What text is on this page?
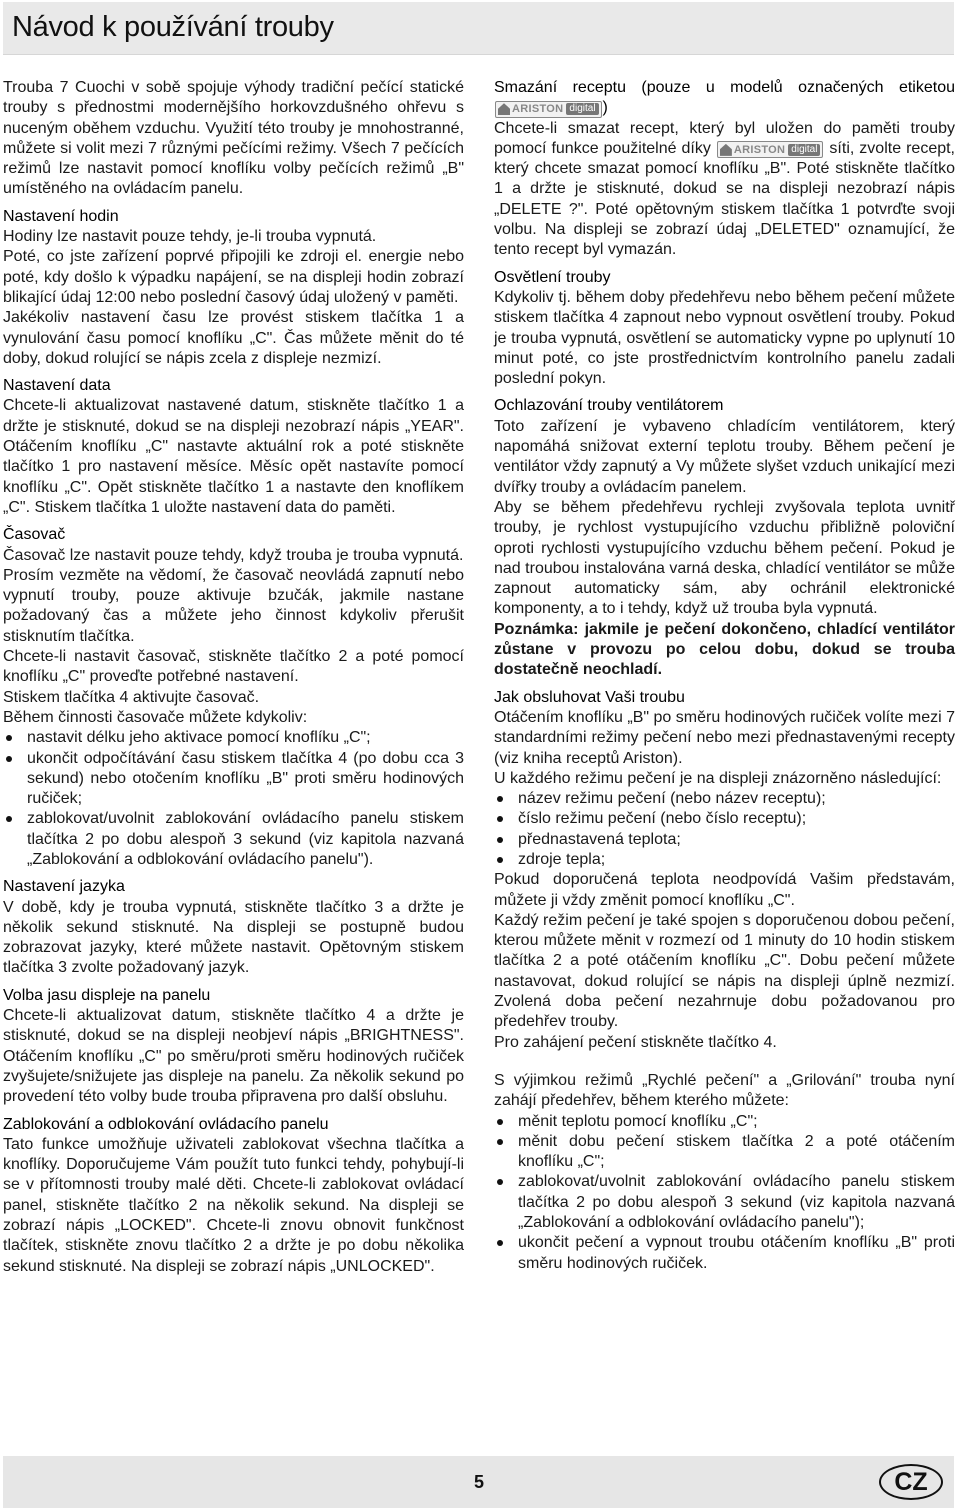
Návod k používání trouby

Trouba 7 Cuochi v sobě spojuje výhody tradiční pečící statické trouby s přednostmi modernějšího horkovzdušného ohřevu s nuceným oběhem vzduchu. Využití této trouby je mnohostranné, můžete si volit mezi 7 různými pečícími režimy. Všech 7 pečících režimů lze nastavit pomocí knoflíku volby pečících režimů „B" umístěného na ovládacím panelu.

Nastavení hodin

Hodiny lze nastavit pouze tehdy, je-li trouba vypnutá.

Poté, co jste zařízení poprvé připojili ke zdroji el. energie nebo poté, kdy došlo k výpadku napájení, se na displeji hodin zobrazí blikající údaj 12:00 nebo poslední časový údaj uložený v paměti.

Jakékoliv nastavení času lze provést stiskem tlačítka 1 a vynulování času pomocí knoflíku „C". Čas můžete měnit do té doby, dokud rolující se nápis zcela z displeje nezmizí.

Nastavení data

Chcete-li aktualizovat nastavené datum, stiskněte tlačítko 1 a držte je stisknuté, dokud se na displeji nezobrazí nápis „YEAR". Otáčením knoflíku „C" nastavte aktuální rok a poté stiskněte tlačítko 1 pro nastavení měsíce. Měsíc opět nastavíte pomocí knoflíku „C". Opět stiskněte tlačítko 1 a nastavte den knoflíkem „C". Stiskem tlačítka 1 uložte nastavení data do paměti.

Časovač

Časovač lze nastavit pouze tehdy, když trouba je trouba vypnutá.

Prosím vezměte na vědomí, že časovač neovládá zapnutí nebo vypnutí trouby, pouze aktivuje bzučák, jakmile nastane požadovaný čas a můžete jeho činnost kdykoliv přerušit stisknutím tlačítka.

Chcete-li nastavit časovač, stiskněte tlačítko 2 a poté pomocí knoflíku „C" proveďte potřebné nastavení.

Stiskem tlačítka 4 aktivujte časovač.

Během činnosti časovače můžete kdykoliv:

nastavit délku jeho aktivace pomocí knoflíku „C";
ukončit odpočítávání času stiskem tlačítka 4 (po dobu cca 3 sekund) nebo otočením knoflíku „B" proti směru hodinových ručiček;
zablokovat/uvolnit zablokování ovládacího panelu stiskem tlačítka 2 po dobu alespoň 3 sekund (viz kapitola nazvaná „Zablokování a odblokování ovládacího panelu").
Nastavení jazyka

V době, kdy je trouba vypnutá, stiskněte tlačítko 3 a držte je několik sekund stisknuté. Na displeji se postupně budou zobrazovat jazyky, které můžete nastavit. Opětovným stiskem tlačítka 3 zvolte požadovaný jazyk.

Volba jasu displeje na panelu

Chcete-li aktualizovat datum, stiskněte tlačítko 4 a držte je stisknuté, dokud se na displeji neobjeví nápis „BRIGHTNESS". Otáčením knoflíku „C" po směru/proti směru hodinových ručiček zvyšujete/snižujete jas displeje na panelu. Za několik sekund po provedení této volby bude trouba připravena pro další obsluhu.

Zablokování a odblokování ovládacího panelu

Tato funkce umožňuje uživateli zablokovat všechna tlačítka a knoflíky. Doporučujeme Vám použít tuto funkci tehdy, pohybují-li se v přítomnosti trouby malé děti. Chcete-li zablokovat ovládací panel, stiskněte tlačítko 2 na několik sekund. Na displeji se zobrazí nápis „LOCKED". Chcete-li znovu obnovit funkčnost tlačítek, stiskněte znovu tlačítko 2 a držte je po dobu několika sekund stisknuté. Na displeji se zobrazí nápis „UNLOCKED".

Smazání receptu (pouze u modelů označených etiketou
ARISTON digital )

Chcete-li smazat recept, který byl uložen do paměti trouby pomocí funkce použitelné díky ARISTON digital síti, zvolte recept, který chcete smazat pomocí knoflíku „B". Poté stiskněte tlačítko 1 a držte je stisknuté, dokud se na displeji nezobrazí nápis „DELETE ?". Poté opětovným stiskem tlačítka 1 potvrďte svoji volbu. Na displeji se zobrazí údaj „DELETED" oznamující, že tento recept byl vymazán.

Osvětlení trouby

Kdykoliv tj. během doby předehřevu nebo během pečení můžete stiskem tlačítka 4 zapnout nebo vypnout osvětlení trouby. Pokud je trouba vypnutá, osvětlení se automaticky vypne po uplynutí 10 minut poté, co jste prostřednictvím kontrolního panelu zadali poslední pokyn.

Ochlazování trouby ventilátorem

Toto zařízení je vybaveno chladícím ventilátorem, který napomáhá snižovat externí teplotu trouby. Během pečení je ventilátor vždy zapnutý a Vy můžete slyšet vzduch unikající mezi dvířky trouby a ovládacím panelem.

Aby se během předehřevu rychleji zvyšovala teplota uvnitř trouby, je rychlost vystupujícího vzduchu přibližně poloviční oproti rychlosti vystupujícího vzduchu během pečení. Pokud je nad troubou instalována varná deska, chladící ventilátor se může zapnout automaticky sám, aby ochránil elektronické komponenty, a to i tehdy, když už trouba byla vypnutá.

Poznámka: jakmile je pečení dokončeno, chladící ventilátor zůstane v provozu po celou dobu, dokud se trouba dostatečně neochladí.

Jak obsluhovat Vaši troubu

Otáčením knoflíku „B" po směru hodinových ručiček volíte mezi 7 standardními režimy pečení nebo mezi přednastavenými recepty (viz kniha receptů Ariston).

U každého režimu pečení je na displeji znázorněno následující:

název režimu pečení (nebo název receptu);
číslo režimu pečení (nebo číslo receptu);
přednastavená teplota;
zdroje tepla;

Pokud doporučená teplota neodpovídá Vašim představám, můžete ji vždy změnit pomocí knoflíku „C".

Každý režim pečení je také spojen s doporučenou dobou pečení, kterou můžete měnit v rozmezí od 1 minuty do 10 hodin stiskem tlačítka 2 a poté otáčením knoflíku „C". Dobu pečení můžete nastavovat, dokud rolující se nápis na displeji úplně nezmizí. Zvolená doba pečení nezahrnuje dobu požadovanou pro předehřev trouby.

Pro zahájení pečení stiskněte tlačítko 4.

S výjimkou režimů „Rychlé pečení" a „Grilování" trouba nyní zahájí předehřev, během kterého můžete:

měnit teplotu pomocí knoflíku „C";
měnit dobu pečení stiskem tlačítka 2 a poté otáčením knoflíku „C";
zablokovat/uvolnit zablokování ovládacího panelu stiskem tlačítka 2 po dobu alespoň 3 sekund (viz kapitola nazvaná „Zablokování a odblokování ovládacího panelu");
ukončit pečení a vypnout troubu otáčením knoflíku „B" proti směru hodinových ručiček.
5	CZ
